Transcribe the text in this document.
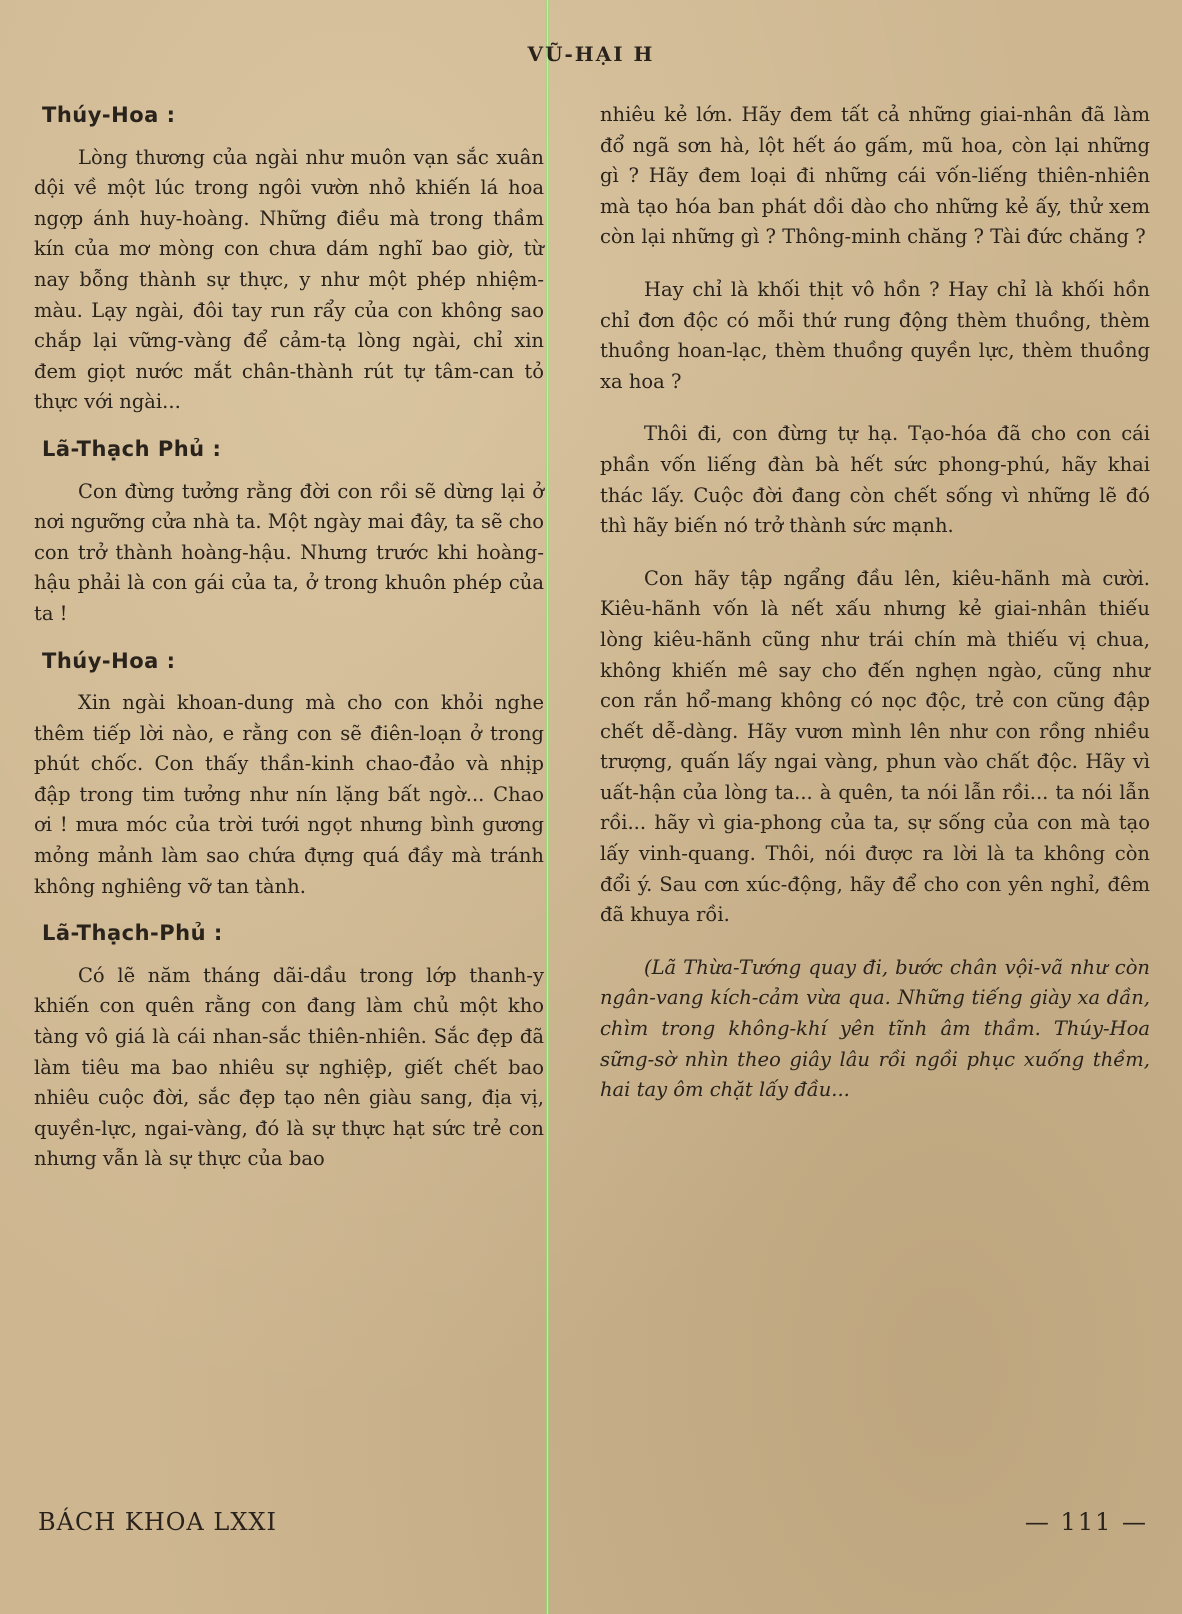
VŨ-HẠI H
Thúy-Hoa :

Lòng thương của ngài như muôn vạn sắc xuân dội về một lúc trong ngôi vườn nhỏ khiến lá hoa ngợp ánh huy-hoàng. Những điều mà trong thầm kín của mơ mòng con chưa dám nghĩ bao giờ, từ nay bỗng thành sự thực, y như một phép nhiệm-màu. Lạy ngài, đôi tay run rẩy của con không sao chắp lại vững-vàng để cảm-tạ lòng ngài, chỉ xin đem giọt nước mắt chân-thành rút tự tâm-can tỏ thực với ngài...

Lã-Thạch Phủ :

Con đừng tưởng rằng đời con rồi sẽ dừng lại ở nơi ngưỡng cửa nhà ta. Một ngày mai đây, ta sẽ cho con trở thành hoàng-hậu. Nhưng trước khi hoàng-hậu phải là con gái của ta, ở trong khuôn phép của ta !

Thúy-Hoa :

Xin ngài khoan-dung mà cho con khỏi nghe thêm tiếp lời nào, e rằng con sẽ điên-loạn ở trong phút chốc. Con thấy thần-kinh chao-đảo và nhịp đập trong tim tưởng như nín lặng bất ngờ... Chao ơi ! mưa móc của trời tưới ngọt nhưng bình gương mỏng mảnh làm sao chứa đựng quá đầy mà tránh không nghiêng vỡ tan tành.

Lã-Thạch-Phủ :

Có lẽ năm tháng dãi-dầu trong lớp thanh-y khiến con quên rằng con đang làm chủ một kho tàng vô giá là cái nhan-sắc thiên-nhiên. Sắc đẹp đã làm tiêu ma bao nhiêu sự nghiệp, giết chết bao nhiêu cuộc đời, sắc đẹp tạo nên giàu sang, địa vị, quyền-lực, ngai-vàng, đó là sự thực hạt sức trẻ con nhưng vẫn là sự thực của bao

nhiêu kẻ lớn. Hãy đem tất cả những giai-nhân đã làm đổ ngã sơn hà, lột hết áo gấm, mũ hoa, còn lại những gì ? Hãy đem loại đi những cái vốn-liếng thiên-nhiên mà tạo hóa ban phát dồi dào cho những kẻ ấy, thử xem còn lại những gì ? Thông-minh chăng ? Tài đức chăng ?

Hay chỉ là khối thịt vô hồn ? Hay chỉ là khối hồn chỉ đơn độc có mỗi thứ rung động thèm thuồng, thèm thuồng hoan-lạc, thèm thuồng quyền lực, thèm thuồng xa hoa ?

Thôi đi, con đừng tự hạ. Tạo-hóa đã cho con cái phần vốn liếng đàn bà hết sức phong-phú, hãy khai thác lấy. Cuộc đời đang còn chết sống vì những lẽ đó thì hãy biến nó trở thành sức mạnh.

Con hãy tập ngẩng đầu lên, kiêu-hãnh mà cười. Kiêu-hãnh vốn là nết xấu nhưng kẻ giai-nhân thiếu lòng kiêu-hãnh cũng như trái chín mà thiếu vị chua, không khiến mê say cho đến nghẹn ngào, cũng như con rắn hổ-mang không có nọc độc, trẻ con cũng đập chết dễ-dàng. Hãy vươn mình lên như con rồng nhiều trượng, quấn lấy ngai vàng, phun vào chất độc. Hãy vì uất-hận của lòng ta... à quên, ta nói lẫn rồi... ta nói lẫn rồi... hãy vì gia-phong của ta, sự sống của con mà tạo lấy vinh-quang. Thôi, nói được ra lời là ta không còn đổi ý. Sau cơn xúc-động, hãy để cho con yên nghỉ, đêm đã khuya rồi.

(Lã Thừa-Tướng quay đi, bước chân vội-vã như còn ngân-vang kích-cảm vừa qua. Những tiếng giày xa dần, chìm trong không-khí yên tĩnh âm thầm. Thúy-Hoa sững-sờ nhìn theo giây lâu rồi ngồi phục xuống thềm, hai tay ôm chặt lấy đầu...

BÁCH KHOA LXXI	— 111 —
